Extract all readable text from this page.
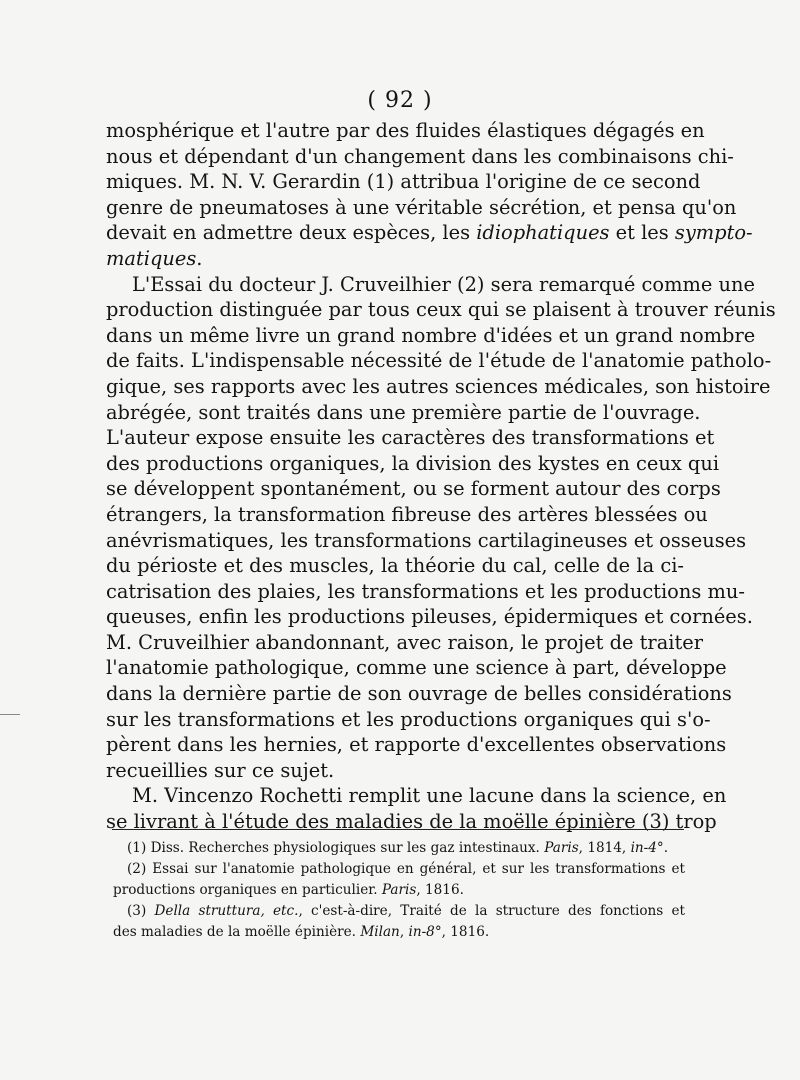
( 92 )
mosphérique et l'autre par des fluides élastiques dégagés en
nous et dépendant d'un changement dans les combinaisons chi-
miques. M. N. V. Gerardin (1) attribua l'origine de ce second
genre de pneumatoses à une véritable sécrétion, et pensa qu'on
devait en admettre deux espèces, les idiophatiques et les sympto-
matiques.
L'Essai du docteur J. Cruveilhier (2) sera remarqué comme une
production distinguée par tous ceux qui se plaisent à trouver réunis
dans un même livre un grand nombre d'idées et un grand nombre
de faits. L'indispensable nécessité de l'étude de l'anatomie patholo-
gique, ses rapports avec les autres sciences médicales, son histoire
abrégée, sont traités dans une première partie de l'ouvrage.
L'auteur expose ensuite les caractères des transformations et
des productions organiques, la division des kystes en ceux qui
se développent spontanément, ou se forment autour des corps
étrangers, la transformation fibreuse des artères blessées ou
anévrismatiques, les transformations cartilagineuses et osseuses
du périoste et des muscles, la théorie du cal, celle de la ci-
catrisation des plaies, les transformations et les productions mu-
queuses, enfin les productions pileuses, épidermiques et cornées.
M. Cruveilhier abandonnant, avec raison, le projet de traiter
l'anatomie pathologique, comme une science à part, développe
dans la dernière partie de son ouvrage de belles considérations
sur les transformations et les productions organiques qui s'o-
pèrent dans les hernies, et rapporte d'excellentes observations
recueillies sur ce sujet.
M. Vincenzo Rochetti remplit une lacune dans la science, en
se livrant à l'étude des maladies de la moëlle épinière (3) trop
(1) Diss. Recherches physiologiques sur les gaz intestinaux. Paris, 1814, in-4°.
(2) Essai sur l'anatomie pathologique en général, et sur les transformations et
productions organiques en particulier. Paris, 1816.
(3) Della struttura, etc., c'est-à-dire, Traité de la structure des fonctions et
des maladies de la moëlle épinière. Milan, in-8°, 1816.
